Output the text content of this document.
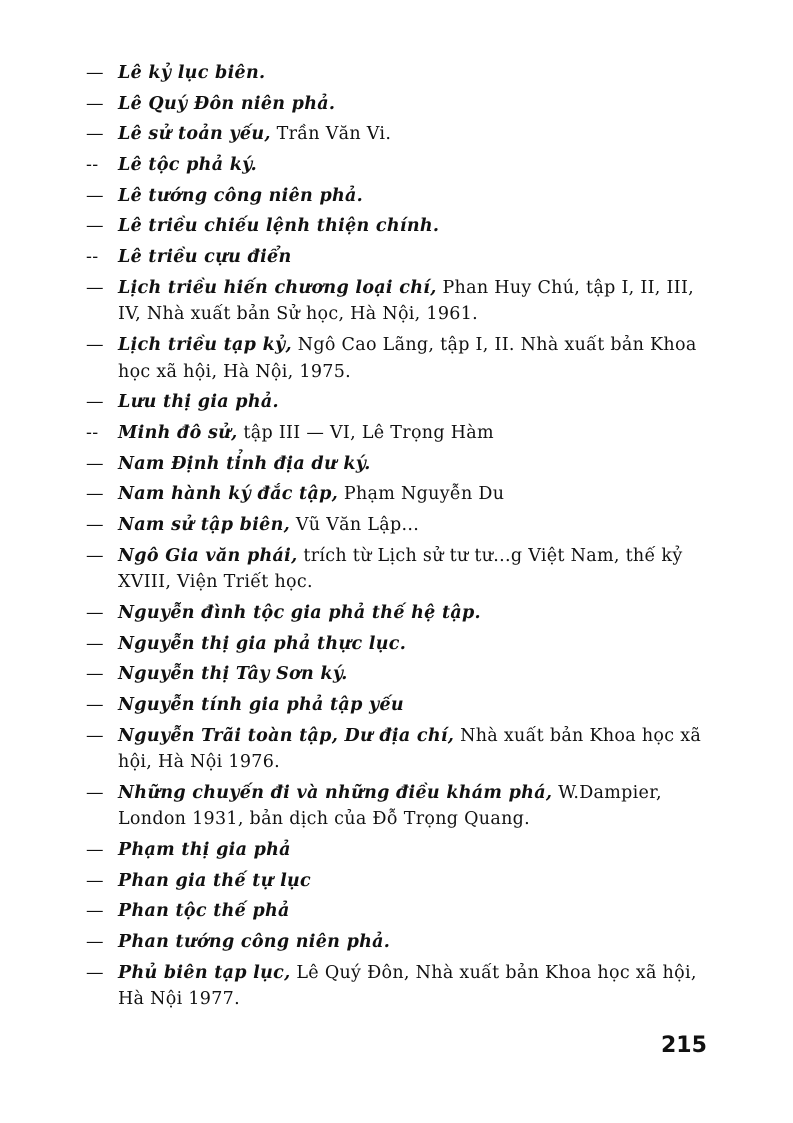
— Lê kỷ lục biên.
— Lê Quý Đôn niên phả.
— Lê sử toản yếu, Trần Văn Vi.
-- Lê tộc phả ký.
— Lê tướng công niên phả.
— Lê triều chiếu lệnh thiện chính.
-- Lê triều cựu điển
— Lịch triều hiến chương loại chí, Phan Huy Chú, tập I, II, III, IV, Nhà xuất bản Sử học, Hà Nội, 1961.
— Lịch triều tạp kỷ, Ngô Cao Lãng, tập I, II. Nhà xuất bản Khoa học xã hội, Hà Nội, 1975.
— Lưu thị gia phả.
-- Minh đô sử, tập III — VI, Lê Trọng Hàm
— Nam Định tỉnh địa dư ký.
— Nam hành ký đắc tập, Phạm Nguyễn Du
— Nam sử tập biên, Vũ Văn Lập...
— Ngô Gia văn phái, trích từ Lịch sử tư tư...g Việt Nam, thế kỷ XVIII, Viện Triết học.
— Nguyễn đình tộc gia phả thế hệ tập.
— Nguyễn thị gia phả thực lục.
— Nguyễn thị Tây Sơn ký.
— Nguyễn tính gia phả tập yếu
— Nguyễn Trãi toàn tập, Dư địa chí, Nhà xuất bản Khoa học xã hội, Hà Nội 1976.
— Những chuyến đi và những điều khám phá, W.Dampier, London 1931, bản dịch của Đỗ Trọng Quang.
— Phạm thị gia phả
— Phan gia thế tự lục
— Phan tộc thế phả
— Phan tướng công niên phả.
— Phủ biên tạp lục, Lê Quý Đôn, Nhà xuất bản Khoa học xã hội, Hà Nội 1977.
215
